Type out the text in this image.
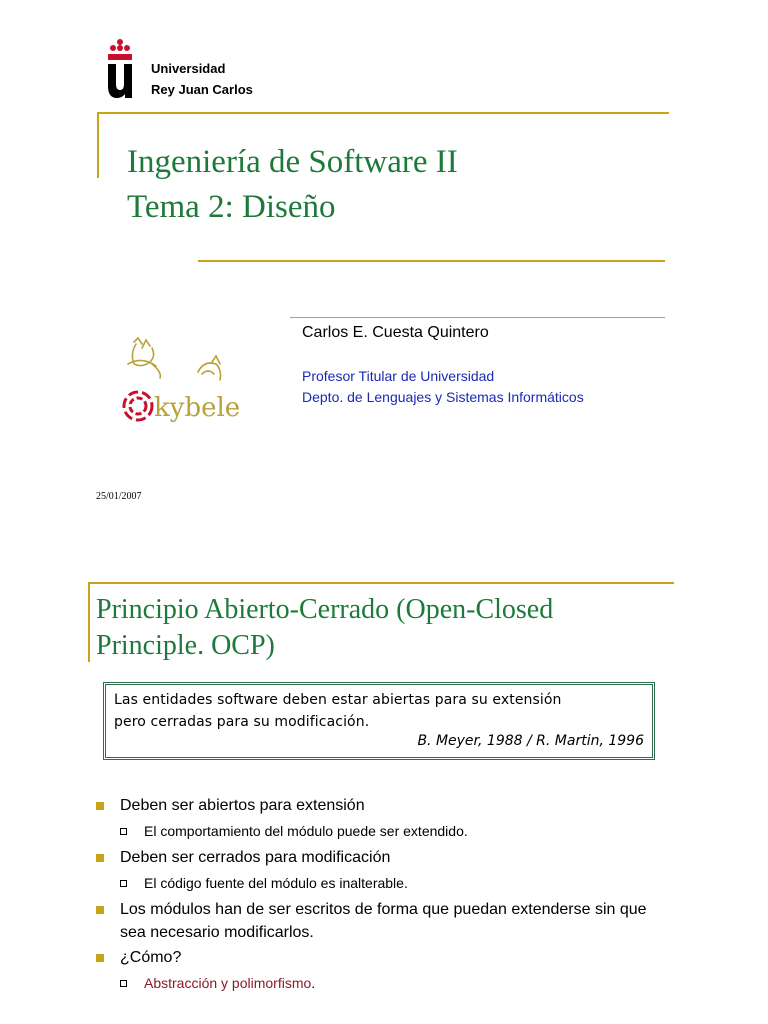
Universidad
Rey Juan Carlos
Ingeniería de Software II
Tema 2: Diseño
Carlos E. Cuesta Quintero
Profesor Titular de Universidad
Depto. de Lenguajes y Sistemas Informáticos
kybele
25/01/2007
Principio Abierto-Cerrado (Open-Closed Principle. OCP)
Las entidades software deben estar abiertas para su extensión
pero cerradas para su modificación.
B. Meyer, 1988 / R. Martin, 1996
Deben ser abiertos para extensión
El comportamiento del módulo puede ser extendido.
Deben ser cerrados para modificación
El código fuente del módulo es inalterable.
Los módulos han de ser escritos de forma que puedan extenderse sin que sea necesario modificarlos.
¿Cómo?
Abstracción y polimorfismo.
